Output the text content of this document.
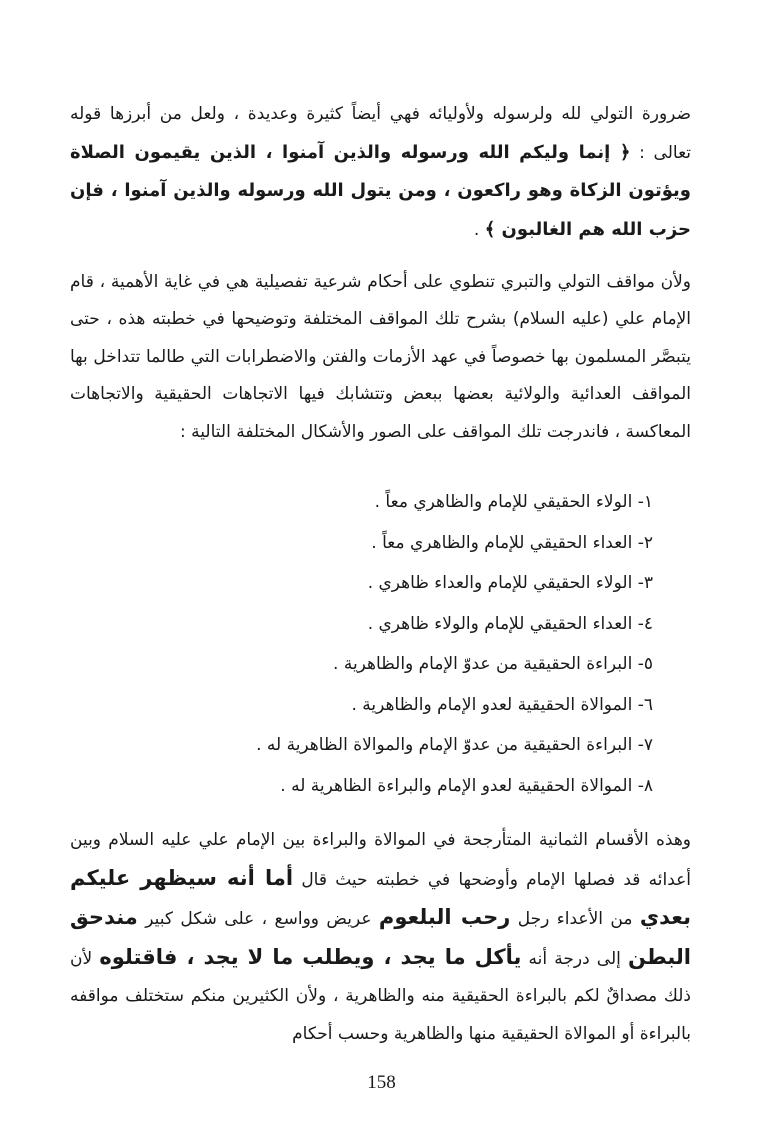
ضرورة التولي لله ولرسوله ولأوليائه فهي أيضاً كثيرة وعديدة ، ولعل من أبرزها قوله تعالى : ﴿ إنما وليكم الله ورسوله والذين آمنوا ، الذين يقيمون الصلاة ويؤتون الزكاة وهو راكعون ، ومن يتول الله ورسوله والذين آمنوا ، فإن حزب الله هم الغالبون ﴾ .
ولأن مواقف التولي والتبري تنطوي على أحكام شرعية تفصيلية هي في غاية الأهمية ، قام الإمام علي (عليه السلام) بشرح تلك المواقف المختلفة وتوضيحها في خطبته هذه ، حتى يتبصَّر المسلمون بها خصوصاً في عهد الأزمات والفتن والاضطرابات التي طالما تتداخل بها المواقف العدائية والولائية بعضها ببعض وتتشابك فيها الاتجاهات الحقيقية والاتجاهات المعاكسة ، فاندرجت تلك المواقف على الصور والأشكال المختلفة التالية :
١- الولاء الحقيقي للإمام والظاهري معاً .
٢- العداء الحقيقي للإمام والظاهري معاً .
٣- الولاء الحقيقي للإمام والعداء ظاهري .
٤- العداء الحقيقي للإمام والولاء ظاهري .
٥- البراءة الحقيقية من عدوّ الإمام والظاهرية .
٦- الموالاة الحقيقية لعدو الإمام والظاهرية .
٧- البراءة الحقيقية من عدوّ الإمام والموالاة الظاهرية له .
٨- الموالاة الحقيقية لعدو الإمام والبراءة الظاهرية له .
وهذه الأقسام الثمانية المتأرجحة في الموالاة والبراءة بين الإمام علي عليه السلام وبين أعدائه قد فصلها الإمام وأوضحها في خطبته حيث قال أما أنه سيظهر عليكم بعدي من الأعداء رجل رحب البلعوم عريض وواسع ، على شكل كبير مندحق البطن إلى درجة أنه يأكل ما يجد ، ويطلب ما لا يجد ، فاقتلوه لأن ذلك مصداقٌ لكم بالبراءة الحقيقية منه والظاهرية ، ولأن الكثيرين منكم ستختلف مواقفه بالبراءة أو الموالاة الحقيقية منها والظاهرية وحسب أحكام
158
